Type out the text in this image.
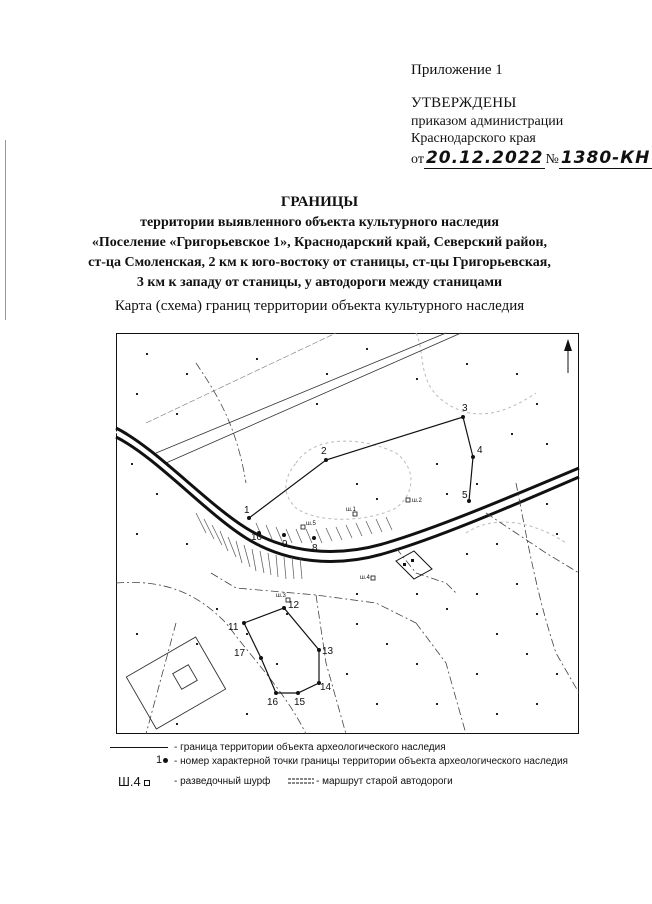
Приложение 1
УТВЕРЖДЕНЫ
приказом администрации
Краснодарского края
от 20.12.2022 № 1380-КН
ГРАНИЦЫ
территории выявленного объекта культурного наследия
«Поселение «Григорьевское 1», Краснодарский край, Северский район,
ст-ца Смоленская, 2 км к юго-востоку от станицы, ст-цы Григорьевская,
3 км к западу от станицы, у автодороги между станицами
Карта (схема) границ территории объекта культурного наследия
1
2
3
4
5
8
9
10
11
12
13
14
15
16
17
ш.1
ш.2
ш.3
ш.4
ш.5
- граница территории объекта археологического наследия
1	- номер характерной точки границы территории объекта археологического наследия
Ш.4	- разведочный шурф	- маршрут старой автодороги
